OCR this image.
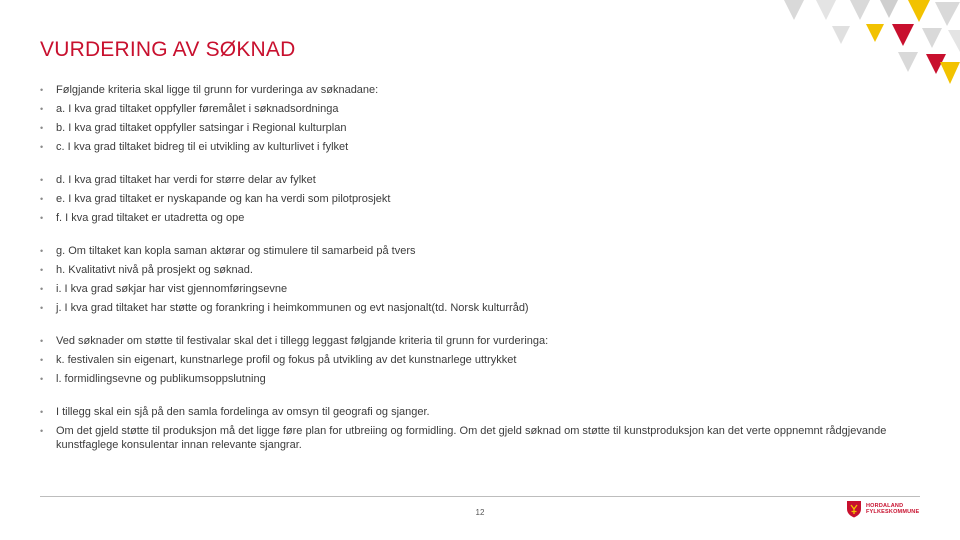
VURDERING AV SØKNAD
• Følgjande kriteria skal ligge til grunn for vurderinga av søknadane:
• a. I kva grad tiltaket oppfyller føremålet i søknadsordninga
• b. I kva grad tiltaket oppfyller satsingar i Regional kulturplan
• c. I kva grad tiltaket bidreg til ei utvikling av kulturlivet i fylket
• d. I kva grad tiltaket har verdi for større delar av fylket
• e. I kva grad tiltaket er nyskapande og kan ha verdi som pilotprosjekt
• f. I kva grad tiltaket er utadretta og ope
• g. Om tiltaket kan kopla saman aktørar og stimulere til samarbeid på tvers
• h. Kvalitativt nivå på prosjekt og søknad.
• i. I kva grad søkjar har vist gjennomføringsevne
• j. I kva grad tiltaket har støtte og forankring i heimkommunen og evt nasjonalt(td. Norsk kulturråd)
• Ved søknader om støtte til festivalar skal det i tillegg leggast følgjande kriteria til grunn for vurderinga:
• k. festivalen sin eigenart, kunstnarlege profil og fokus på utvikling av det kunstnarlege uttrykket
• l. formidlingsevne og publikumsoppslutning
• I tillegg skal ein sjå på den samla fordelinga av omsyn til geografi og sjanger.
• Om det gjeld støtte til produksjon må det ligge føre plan for utbreiing og formidling. Om det gjeld søknad om støtte til kunstproduksjon kan det verte oppnemnt rådgjevande kunstfaglege konsulentar innan relevante sjangrar.
12
HORDALAND
FYLKESKOMMUNE
